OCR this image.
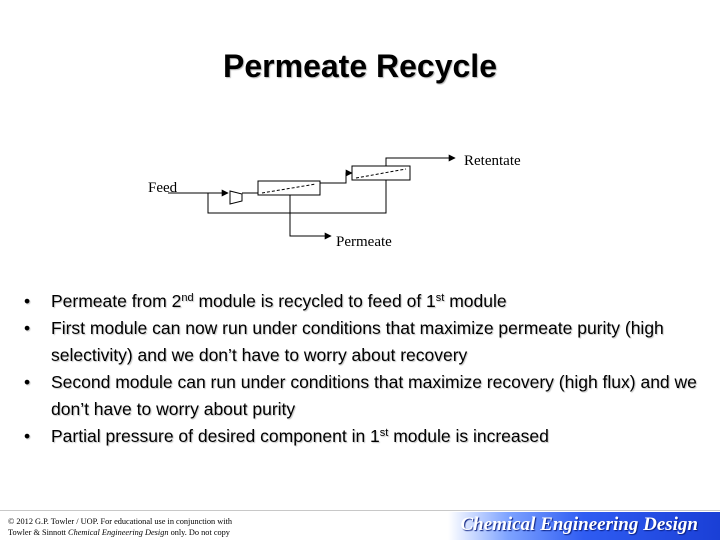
Permeate Recycle
Feed
Retentate
Permeate
• Permeate from 2nd module is recycled to feed of 1st module
• First module can now run under conditions that maximize permeate purity (high selectivity) and we don’t have to worry about recovery
• Second module can run under conditions that maximize recovery (high flux) and we don’t have to worry about purity
• Partial pressure of desired component in 1st module is increased
© 2012 G.P. Towler / UOP. For educational use in conjunction with
Towler & Sinnott Chemical Engineering Design only. Do not copy	Chemical Engineering Design
